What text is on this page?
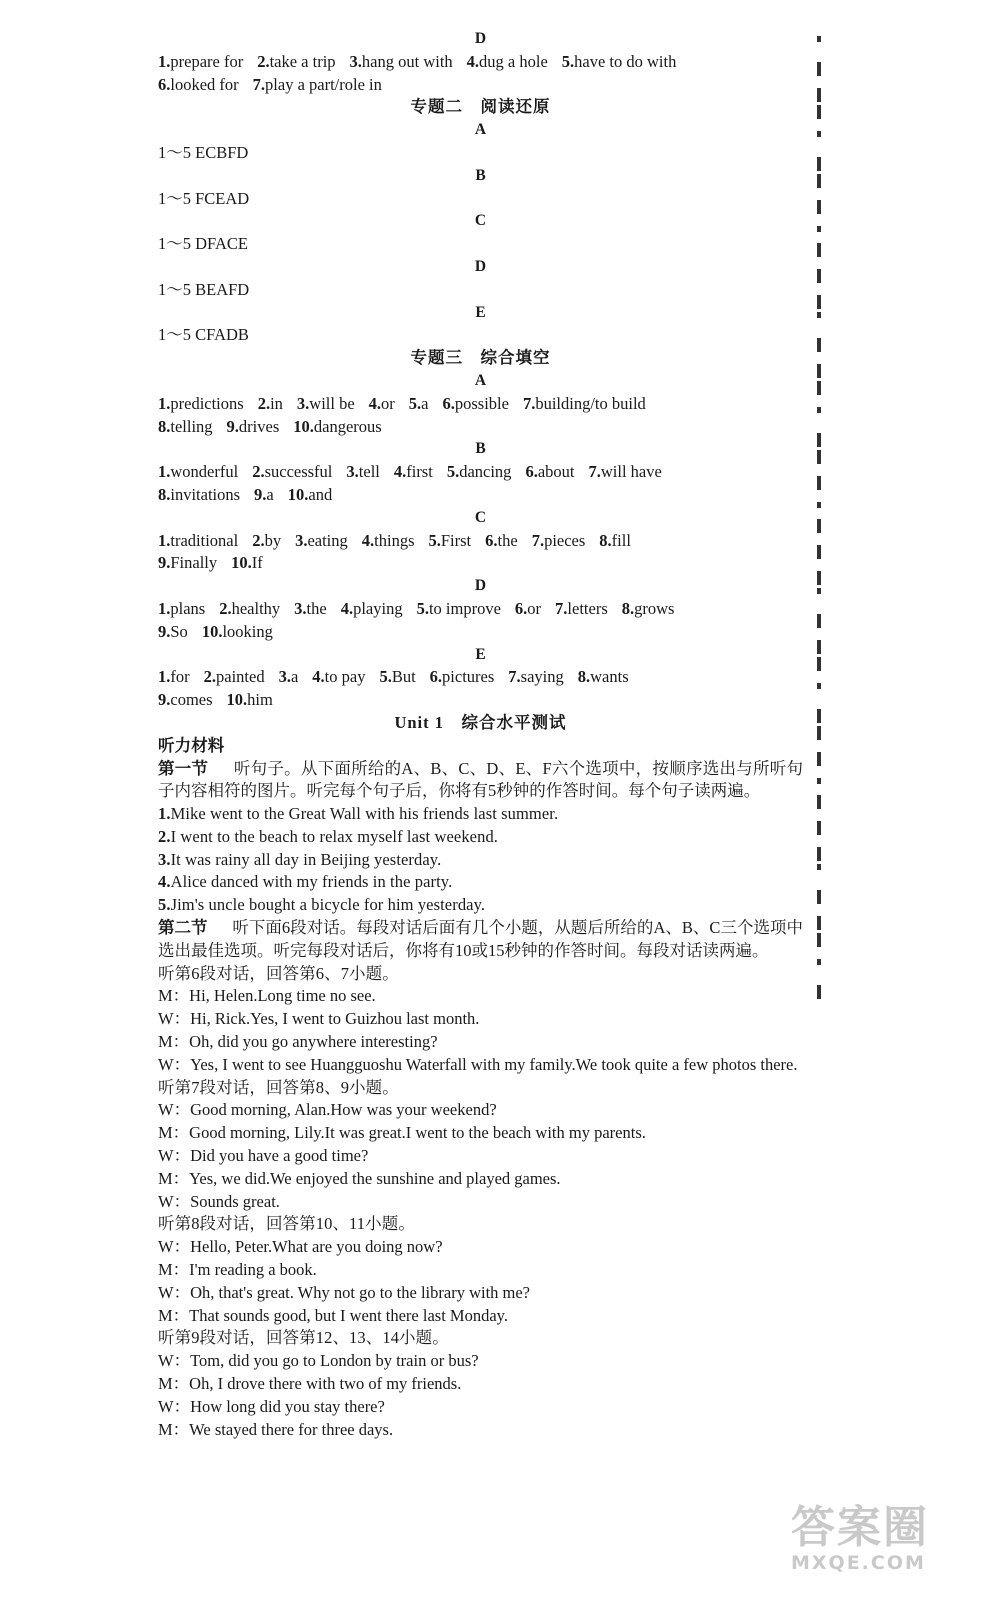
D
1.prepare for 2.take a trip 3.hang out with 4.dug a hole 5.have to do with
6.looked for 7.play a part/role in
专题二　阅读还原
A
1～5 ECBFD
B
1～5 FCEAD
C
1～5 DFACE
D
1～5 BEAFD
E
1～5 CFADB
专题三　综合填空
A
1.predictions 2.in 3.will be 4.or 5.a 6.possible 7.building/to build
8.telling 9.drives 10.dangerous
B
1.wonderful 2.successful 3.tell 4.first 5.dancing 6.about 7.will have
8.invitations 9.a 10.and
C
1.traditional 2.by 3.eating 4.things 5.First 6.the 7.pieces 8.fill
9.Finally 10.If
D
1.plans 2.healthy 3.the 4.playing 5.to improve 6.or 7.letters 8.grows
9.So 10.looking
E
1.for 2.painted 3.a 4.to pay 5.But 6.pictures 7.saying 8.wants
9.comes 10.him
Unit 1　综合水平测试
听力材料
第一节 　 听句子。从下面所给的A、B、C、D、E、F六个选项中，按顺序选出与所听句子内容相符的图片。听完每个句子后，你将有5秒钟的作答时间。每个句子读两遍。
1.Mike went to the Great Wall with his friends last summer.
2.I went to the beach to relax myself last weekend.
3.It was rainy all day in Beijing yesterday.
4.Alice danced with my friends in the party.
5.Jim's uncle bought a bicycle for him yesterday.
第二节 　 听下面6段对话。每段对话后面有几个小题，从题后所给的A、B、C三个选项中选出最佳选项。听完每段对话后，你将有10或15秒钟的作答时间。每段对话读两遍。
听第6段对话，回答第6、7小题。
M：Hi, Helen.Long time no see.
W：Hi, Rick.Yes, I went to Guizhou last month.
M：Oh, did you go anywhere interesting?
W：Yes, I went to see Huangguoshu Waterfall with my family.We took quite a few photos there.
听第7段对话，回答第8、9小题。
W：Good morning, Alan.How was your weekend?
M：Good morning, Lily.It was great.I went to the beach with my parents.
W：Did you have a good time?
M：Yes, we did.We enjoyed the sunshine and played games.
W：Sounds great.
听第8段对话，回答第10、11小题。
W：Hello, Peter.What are you doing now?
M：I'm reading a book.
W：Oh, that's great. Why not go to the library with me?
M：That sounds good, but I went there last Monday.
听第9段对话，回答第12、13、14小题。
W：Tom, did you go to London by train or bus?
M：Oh, I drove there with two of my friends.
W：How long did you stay there?
M：We stayed there for three days.
答案圈
MXQE.COM
